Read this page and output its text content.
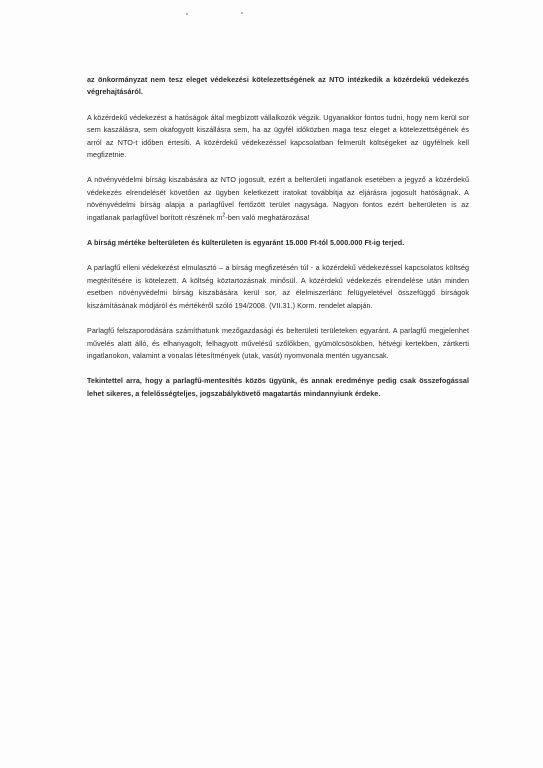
az önkormányzat nem tesz eleget védekezési kötelezettségének az NTO intézkedik a közérdekű védekezés végrehajtásáról.

A közérdekű védekezést a hatóságok által megbízott vállalkozók végzik. Ugyanakkor fontos tudni, hogy nem kerül sor sem kaszálásra, sem okafogyott kiszállásra sem, ha az ügyfél időközben maga tesz eleget a kötelezettségének és arról az NTO-t időben értesíti. A közérdekű védekezéssel kapcsolatban felmerült költségeket az ügyfélnek kell megfizetnie.

A növényvédelmi bírság kiszabására az NTO jogosult, ezért a belterületi ingatlanok esetében a jegyző a közérdekű védekezés elrendelését követően az ügyben keletkezett iratokat továbbítja az eljárásra jogosult hatóságnak. A növényvédelmi bírság alapja a parlagfűvel fertőzött terület nagysága. Nagyon fontos ezért belterületen is az ingatlanak parlagfűvel borított részének $m^2$-ben való meghatározása!

A bírság mértéke belterületen és külterületen is egyaránt 15.000 Ft-tól 5.000.000 Ft-ig terjed.

A parlagfű elleni védekezést elmulasztó – a bírság megfizetésén túl - a közérdekű védekezéssel kapcsolatos költség megtérítésére is kötelezett. A költség köztartozásnak minősül. A közérdekű védekezés elrendelése után minden esetben növényvédelmi bírság kiszabására kerül sor, az élelmiszerlánc felügyeletével összefüggő bírságok kiszámításának módjáról és mértékéről szóló 194/2008. (VII.31.) Korm. rendelet alapján.

Parlagfű felszaporodására számíthatunk mezőgazdasági és belterületi területeken egyaránt. A parlagfű megjelenhet művelés alatt álló, és elhanyagolt, felhagyott művelésű szőlőkben, gyümölcsösökben, hétvégi kertekben, zártkerti ingatlanokon, valamint a vonalas létesítmények (utak, vasút) nyomvonala mentén ugyancsak.

Tekintettel arra, hogy a parlagfű-mentesítés közös ügyünk, és annak eredménye pedig csak összefogással lehet sikeres, a felelősségteljes, jogszabálykövető magatartás mindannyiunk érdeke.
